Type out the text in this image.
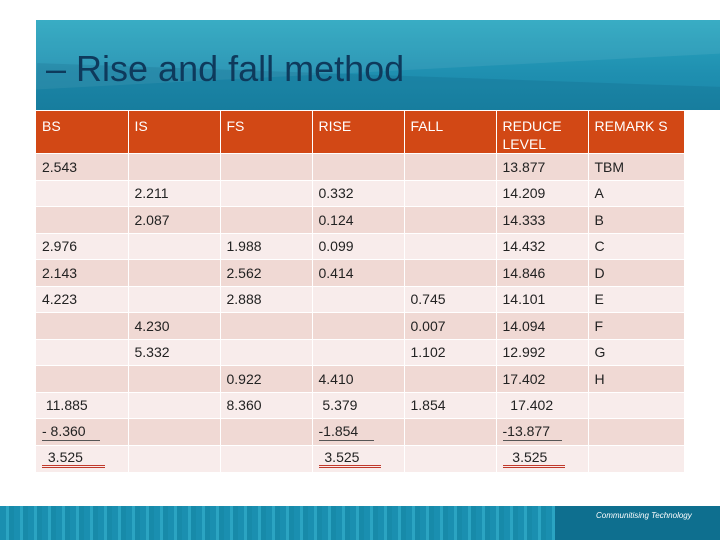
– Rise and fall method
BS	IS	FS	RISE	FALL	REDUCE LEVEL	REMARK S
2.543					13.877	TBM
	2.211		0.332		14.209	A
	2.087		0.124		14.333	B
2.976		1.988	0.099		14.432	C
2.143		2.562	0.414		14.846	D
4.223		2.888		0.745	14.101	E
	4.230			0.007	14.094	F
	5.332			1.102	12.992	G
		0.922	4.410		17.402	H
11.885		8.360	5.379	1.854	17.402	
- 8.360			-1.854		-13.877	
3.525			3.525		3.525	
Communitising Technology
